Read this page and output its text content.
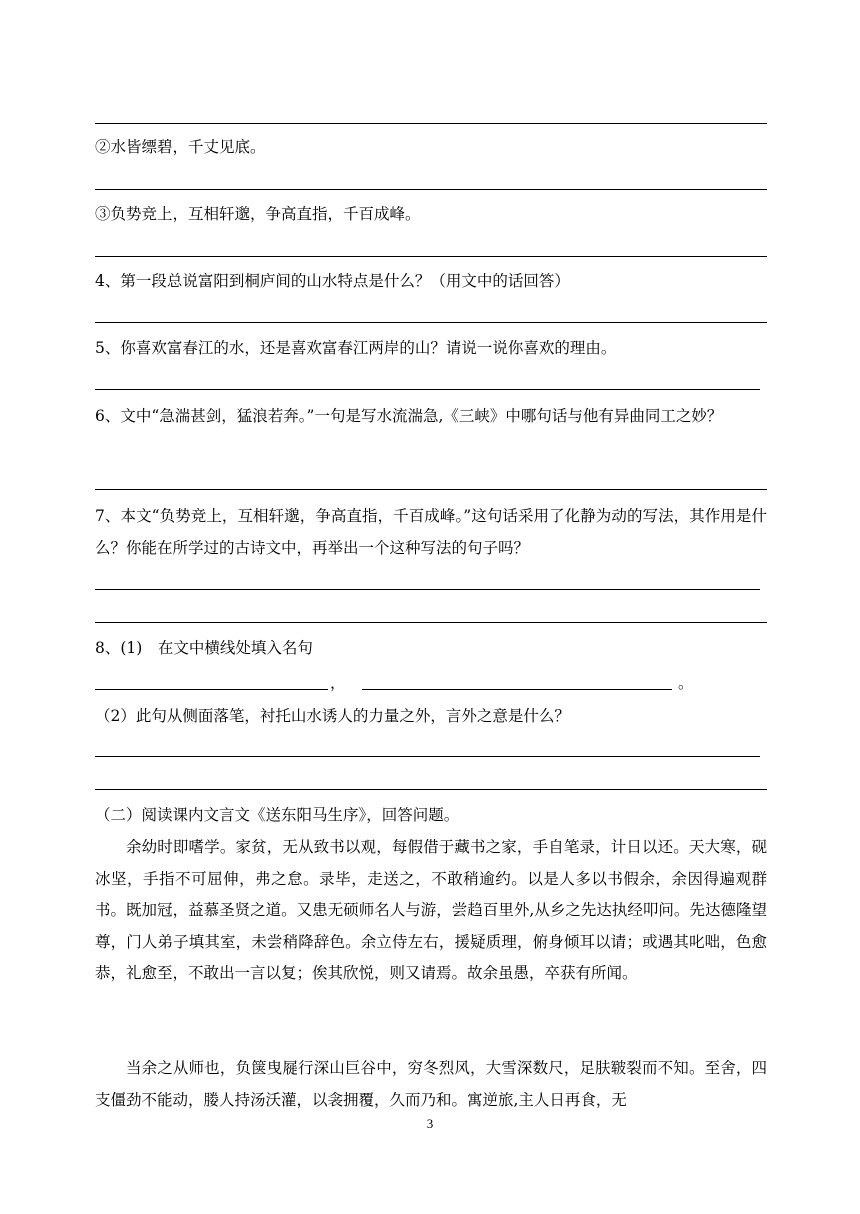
②水皆缥碧，千丈见底。
③负势竞上，互相轩邈，争高直指，千百成峰。
4、第一段总说富阳到桐庐间的山水特点是什么？（用文中的话回答）
5、你喜欢富春江的水，还是喜欢富春江两岸的山？请说一说你喜欢的理由。

6、文中“急湍甚剑，猛浪若奔。”一句是写水流湍急,《三峡》中哪句话与他有异曲同工之妙？

7、本文“负势竞上，互相轩邈，争高直指，千百成峰。”这句话采用了化静为动的写法，其作用是什么？你能在所学过的古诗文中，再举出一个这种写法的句子吗？

8、(1)　在文中横线处填入名句
，	。
（2）此句从侧面落笔，衬托山水诱人的力量之外，言外之意是什么？
（二）阅读课内文言文《送东阳马生序》，回答问题。

余幼时即嗜学。家贫，无从致书以观，每假借于藏书之家，手自笔录，计日以还。天大寒，砚冰坚，手指不可屈伸，弗之怠。录毕，走送之，不敢稍逾约。以是人多以书假余，余因得遍观群书。既加冠，益慕圣贤之道。又患无硕师名人与游，尝趋百里外,从乡之先达执经叩问。先达德隆望尊，门人弟子填其室，未尝稍降辞色。余立侍左右，援疑质理，俯身倾耳以请；或遇其叱咄，色愈恭，礼愈至，不敢出一言以复；俟其欣悦，则又请焉。故余虽愚，卒获有所闻。

当余之从师也，负箧曳屣行深山巨谷中，穷冬烈风，大雪深数尺，足肤皲裂而不知。至舍，四支僵劲不能动，媵人持汤沃灌，以衾拥覆，久而乃和。寓逆旅,主人日再食，无

3
